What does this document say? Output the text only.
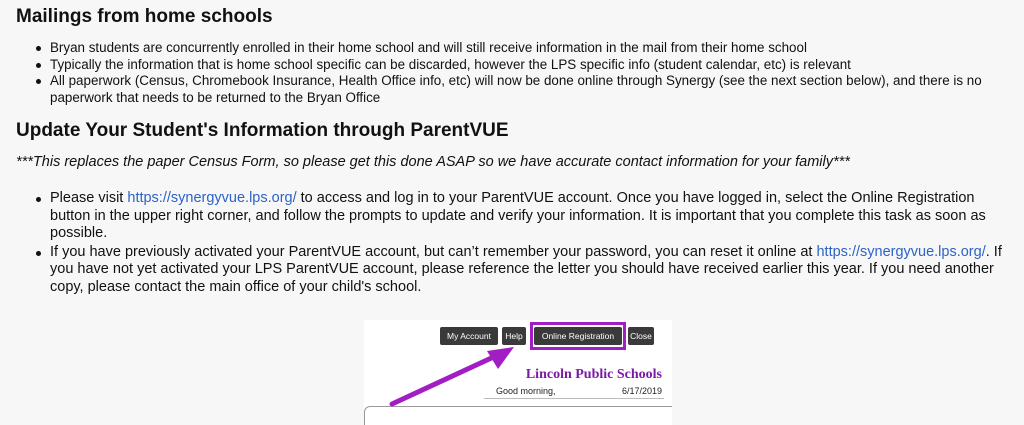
Mailings from home schools
Bryan students are concurrently enrolled in their home school and will still receive information in the mail from their home school
Typically the information that is home school specific can be discarded, however the LPS specific info (student calendar, etc) is relevant
All paperwork (Census, Chromebook Insurance, Health Office info, etc) will now be done online through Synergy (see the next section below), and there is no paperwork that needs to be returned to the Bryan Office
Update Your Student's Information through ParentVUE
***This replaces the paper Census Form, so please get this done ASAP so we have accurate contact information for your family***
Please visit https://synergyvue.lps.org/ to access and log in to your ParentVUE account. Once you have logged in, select the Online Registration button in the upper right corner, and follow the prompts to update and verify your information. It is important that you complete this task as soon as possible.
If you have previously activated your ParentVUE account, but can’t remember your password, you can reset it online at https://synergyvue.lps.org/. If you have not yet activated your LPS ParentVUE account, please reference the letter you should have received earlier this year. If you need another copy, please contact the main office of your child's school.
My Account	Help	Online Registration	Close
Lincoln Public Schools
Good morning,	6/17/2019
